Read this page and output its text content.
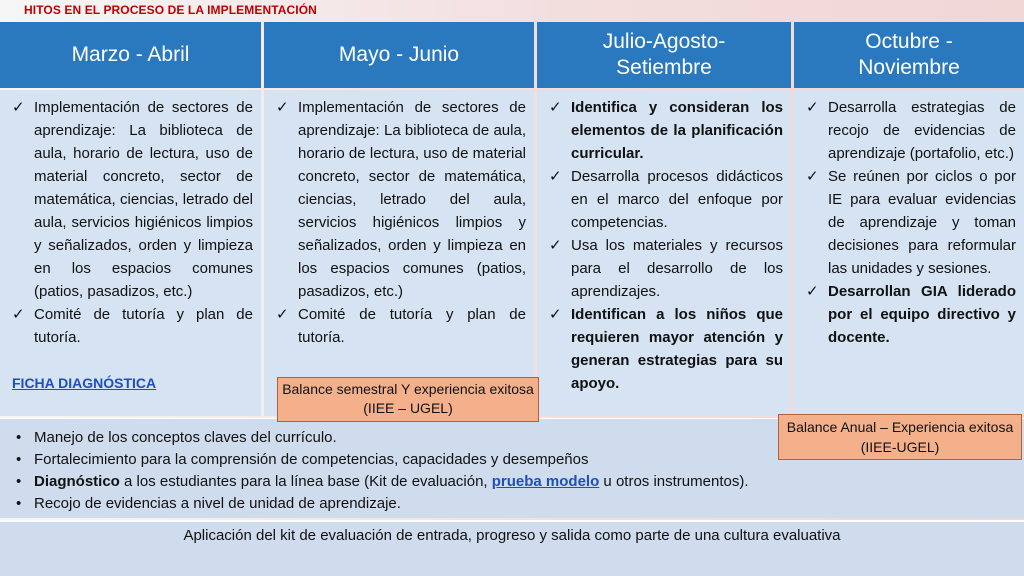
HITOS EN EL PROCESO DE LA IMPLEMENTACIÓN
Marzo - Abril	Mayo - Junio
Julio-Agosto-
Setiembre
Octubre -
Noviembre
✓ Implementación de sectores de aprendizaje: La biblioteca de aula, horario de lectura, uso de material concreto, sector de matemática, ciencias, letrado del aula, servicios higiénicos limpios y señalizados, orden y limpieza en los espacios comunes (patios, pasadizos, etc.)
✓ Comité de tutoría y plan de tutoría.
✓ Implementación de sectores de aprendizaje: La biblioteca de aula, horario de lectura, uso de material concreto, sector de matemática, ciencias, letrado del aula, servicios higiénicos limpios y señalizados, orden y limpieza en los espacios comunes (patios, pasadizos, etc.)
✓ Comité de tutoría y plan de tutoría.
✓ Identifica y consideran los elementos de la planificación curricular.
✓ Desarrolla procesos didácticos en el marco del enfoque por competencias.
✓ Usa los materiales y recursos para el desarrollo de los aprendizajes.
✓ Identifican a los niños que requieren mayor atención y generan estrategias para su apoyo.
✓ Desarrolla estrategias de recojo de evidencias de aprendizaje (portafolio, etc.)
✓ Se reúnen por ciclos o por IE para evaluar evidencias de aprendizaje y toman decisiones para reformular las unidades y sesiones.
✓ Desarrollan GIA liderado por el equipo directivo y docente.
FICHA DIAGNÓSTICA
• Manejo de los conceptos claves del currículo.
• Fortalecimiento para la comprensión de competencias, capacidades y desempeños
• Diagnóstico a los estudiantes para la línea base (Kit de evaluación, prueba modelo u otros instrumentos).
• Recojo de evidencias a nivel de unidad de aprendizaje.
Balance semestral Y experiencia exitosa (IIEE – UGEL)
Balance Anual – Experiencia exitosa (IIEE-UGEL)
Aplicación del kit de evaluación de entrada, progreso y salida como parte de una cultura evaluativa
